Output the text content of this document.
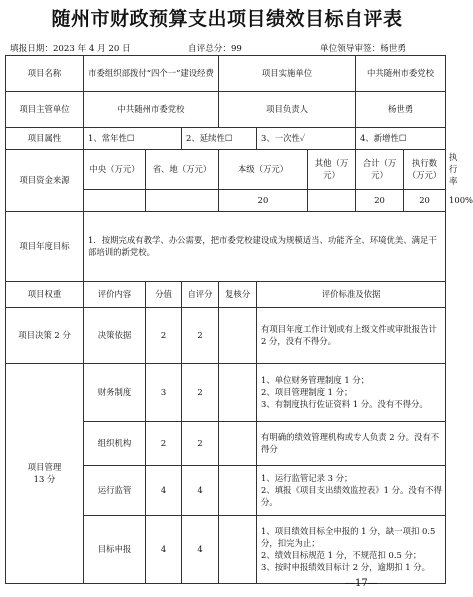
随州市财政预算支出项目绩效目标自评表
填报日期：2023 年 4 月 20 日	自评总分：99	单位领导审签：杨世勇
项目名称	市委组织部拨付“四个一”建设经费			项目实施单位			中共随州市委党校		
项目主管单位	中共随州市委党校			项目负责人			杨世勇		
项目属性	1、常年性☐		2、延续性☐		3、一次性✓		4、新增性☐		
项目资金来源	中央（万元）	省、地（万元）		本级（万元）		其他（万元）	合计（万元）	执行数（万元）	执行率
				20			20	20	100%
项目年度目标	1．按期完成有教学、办公需要，把市委党校建设成为规模适当、功能齐全、环境优美、满足干部培训的新党校。								
项目权重	评价内容	分值	自评分	复核分	评价标准及依据				
项目决策 2 分	决策依据	2	2		有项目年度工作计划或有上级文件或审批报告计 2 分，没有不得分。				
项目管理
13 分	财务制度	3	2		1、单位财务管理制度 1 分；
2、项目管理制度 1 分；
3、有制度执行佐证资料 1 分。没有不得分。				
	组织机构	2	2		有明确的绩效管理机构或专人负责 2 分。没有不得分				
	运行监管	4	4		1、运行监管记录 3 分；
2、填报《项目支出绩效监控表》1 分。没有不得分。				
	目标申报	4	4		1、项目绩效目标全申报的 1 分，缺一项扣 0.5 分，扣完为止；
2、绩效目标规范 1 分，不规范扣 0.5 分；
3、按时申报绩效目标计 2 分，逾期扣 1 分。				
—17—
